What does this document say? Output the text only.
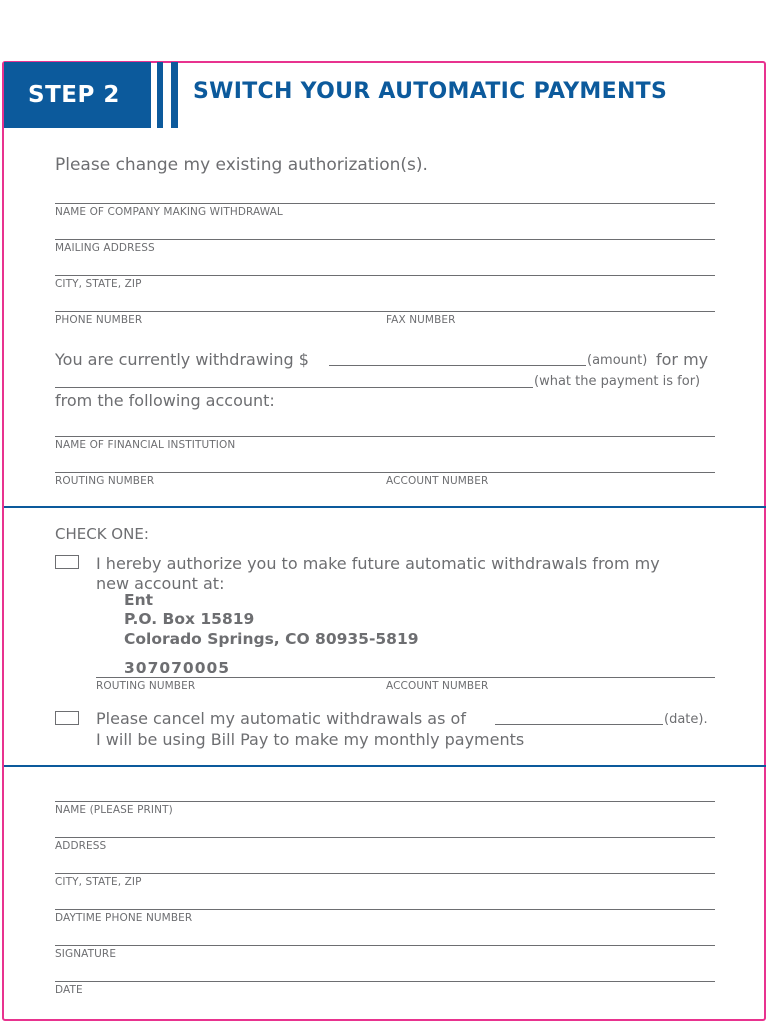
STEP 2	SWITCH YOUR AUTOMATIC PAYMENTS
Please change my existing authorization(s).
NAME OF COMPANY MAKING WITHDRAWAL
MAILING ADDRESS
CITY, STATE, ZIP
PHONE NUMBER	FAX NUMBER
You are currently withdrawing $	(amount) for my
(what the payment is for)
from the following account:
NAME OF FINANCIAL INSTITUTION
ROUTING NUMBER	ACCOUNT NUMBER
CHECK ONE:
I hereby authorize you to make future automatic withdrawals from my
new account at:
Ent
P.O. Box 15819
Colorado Springs, CO 80935-5819
307070005
ROUTING NUMBER	ACCOUNT NUMBER
Please cancel my automatic withdrawals as of	(date).
I will be using Bill Pay to make my monthly payments
NAME (PLEASE PRINT)
ADDRESS
CITY, STATE, ZIP
DAYTIME PHONE NUMBER
SIGNATURE
DATE
